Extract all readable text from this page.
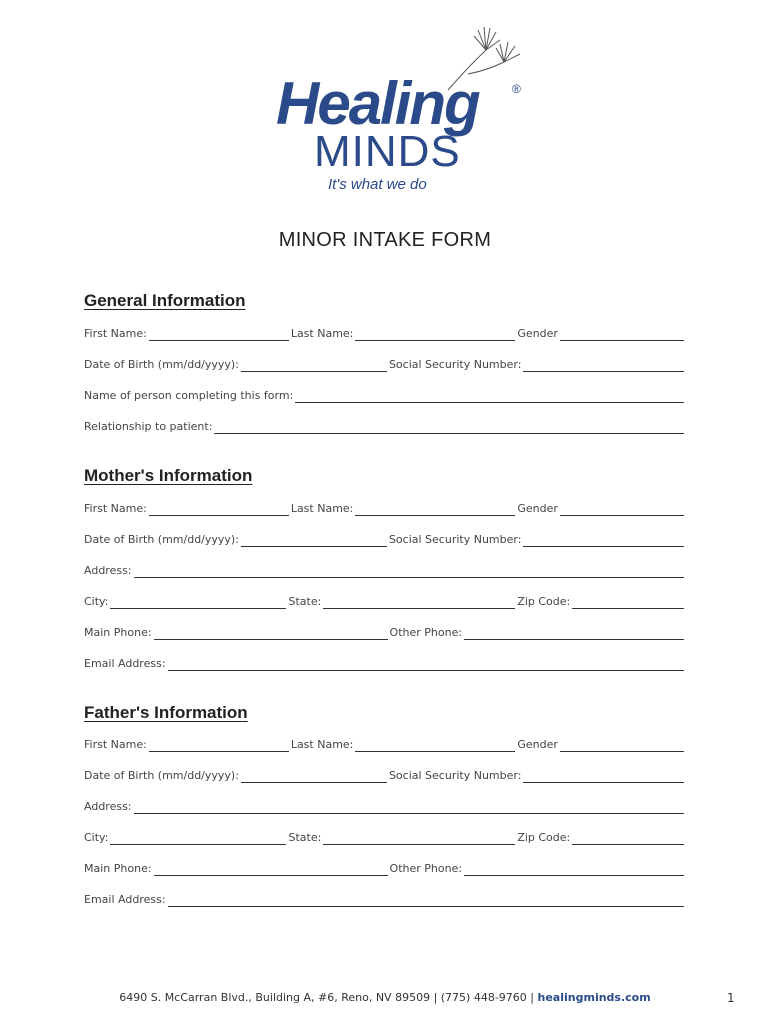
Healing	®
MINDS
It's what we do
MINOR INTAKE FORM
General Information
First Name:	Last Name:	Gender
Date of Birth (mm/dd/yyyy):	Social Security Number:
Name of person completing this form:
Relationship to patient:
Mother's Information
First Name:	Last Name:	Gender
Date of Birth (mm/dd/yyyy):	Social Security Number:
Address:
City:	State:	Zip Code:
Main Phone:	Other Phone:
Email Address:
Father's Information
First Name:	Last Name:	Gender
Date of Birth (mm/dd/yyyy):	Social Security Number:
Address:
City:	State:	Zip Code:
Main Phone:	Other Phone:
Email Address:
6490 S. McCarran Blvd., Building A, #6, Reno, NV 89509 | (775) 448-9760 | healingminds.com	1
